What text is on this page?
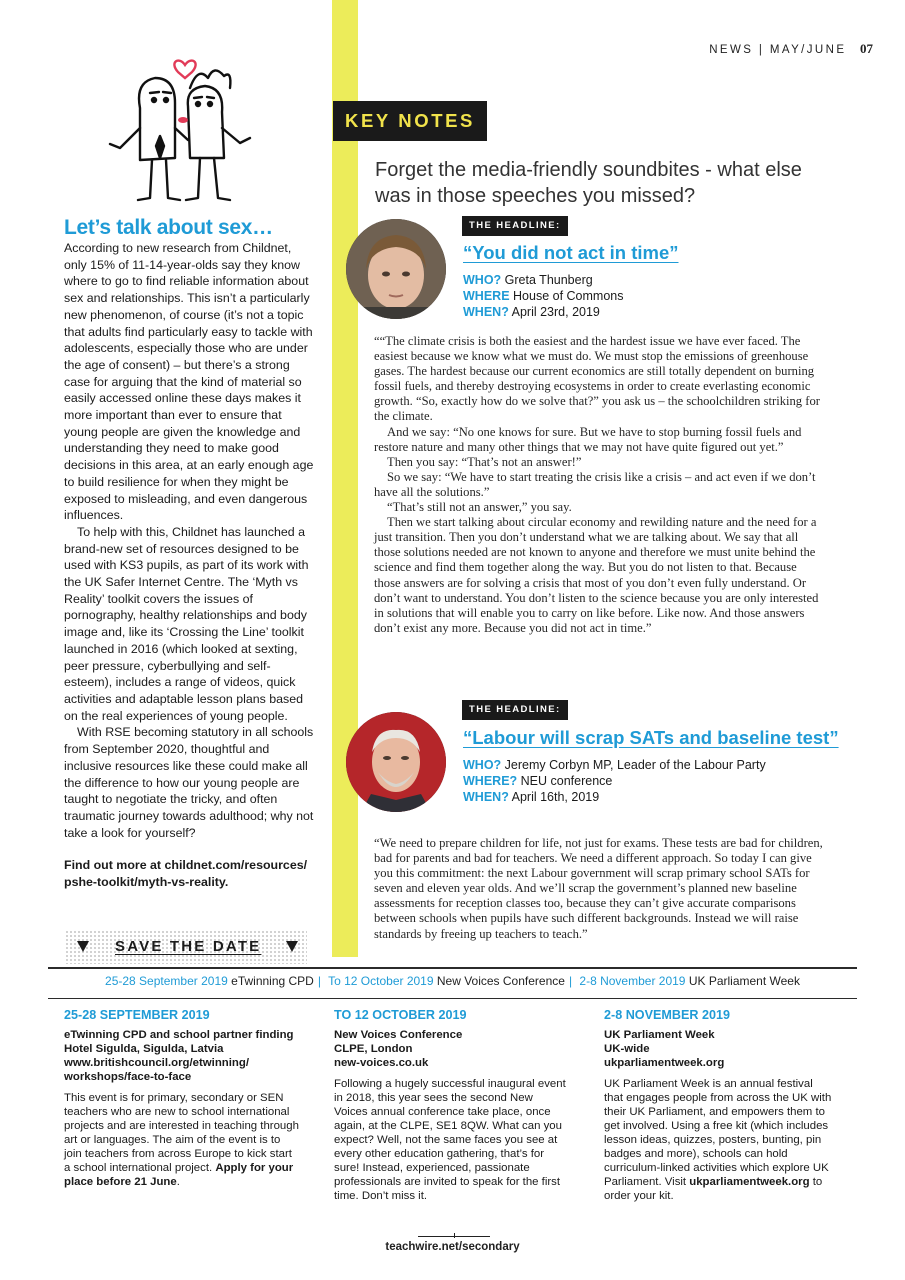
NEWS | MAY/JUNE 07
Let’s talk about sex…

According to new research from Childnet, only 15% of 11-14-year-olds say they know where to go to find reliable information about sex and relationships. This isn’t a particularly new phenomenon, of course (it’s not a topic that adults find particularly easy to tackle with adolescents, especially those who are under the age of consent) – but there’s a strong case for arguing that the kind of material so easily accessed online these days makes it more important than ever to ensure that young people are given the knowledge and understanding they need to make good decisions in this area, at an early enough age to build resilience for when they might be exposed to misleading, and even dangerous influences.

To help with this, Childnet has launched a brand-new set of resources designed to be used with KS3 pupils, as part of its work with the UK Safer Internet Centre. The ‘Myth vs Reality’ toolkit covers the issues of pornography, healthy relationships and body image and, like its ‘Crossing the Line’ toolkit launched in 2016 (which looked at sexting, peer pressure, cyberbullying and self-esteem), includes a range of videos, quick activities and adaptable lesson plans based on the real experiences of young people.

With RSE becoming statutory in all schools from September 2020, thoughtful and inclusive resources like these could make all the difference to how our young people are taught to negotiate the tricky, and often traumatic journey towards adulthood; why not take a look for yourself?

Find out more at childnet.com/resources/ pshe-toolkit/myth-vs-reality.

SAVE THE DATE
KEY NOTES
Forget the media-friendly soundbites - what else was in those speeches you missed?
THE HEADLINE:
“You did not act in time”
WHO? Greta Thunberg
WHERE House of Commons
WHEN? April 23rd, 2019

““The climate crisis is both the easiest and the hardest issue we have ever faced. The easiest because we know what we must do. We must stop the emissions of greenhouse gases. The hardest because our current economics are still totally dependent on burning fossil fuels, and thereby destroying ecosystems in order to create everlasting economic growth. “So, exactly how do we solve that?” you ask us – the schoolchildren striking for the climate.

And we say: “No one knows for sure. But we have to stop burning fossil fuels and restore nature and many other things that we may not have quite figured out yet.”

Then you say: “That’s not an answer!”

So we say: “We have to start treating the crisis like a crisis – and act even if we don’t have all the solutions.”

“That’s still not an answer,” you say.

Then we start talking about circular economy and rewilding nature and the need for a just transition. Then you don’t understand what we are talking about. We say that all those solutions needed are not known to anyone and therefore we must unite behind the science and find them together along the way. But you do not listen to that. Because those answers are for solving a crisis that most of you don’t even fully understand. Or don’t want to understand. You don’t listen to the science because you are only interested in solutions that will enable you to carry on like before. Like now. And those answers don’t exist any more. Because you did not act in time.”

THE HEADLINE:
“Labour will scrap SATs and baseline test”
WHO? Jeremy Corbyn MP, Leader of the Labour Party
WHERE? NEU conference
WHEN? April 16th, 2019

“We need to prepare children for life, not just for exams. These tests are bad for children, bad for parents and bad for teachers. We need a different approach. So today I can give you this commitment: the next Labour government will scrap primary school SATs for seven and eleven year olds. And we’ll scrap the government’s planned new baseline assessments for reception classes too, because they can’t give accurate comparisons between schools when pupils have such different backgrounds. Instead we will raise standards by freeing up teachers to teach.”

25-28 September 2019 eTwinning CPD | To 12 October 2019 New Voices Conference | 2-8 November 2019 UK Parliament Week
25-28 SEPTEMBER 2019
eTwinning CPD and school partner finding
Hotel Sigulda, Sigulda, Latvia
www.britishcouncil.org/etwinning/
workshops/face-to-face
This event is for primary, secondary or SEN teachers who are new to school international projects and are interested in teaching through art or languages. The aim of the event is to join teachers from across Europe to kick start a school international project. Apply for your place before 21 June.
TO 12 OCTOBER 2019
New Voices Conference
CLPE, London
new-voices.co.uk
Following a hugely successful inaugural event in 2018, this year sees the second New Voices annual conference take place, once again, at the CLPE, SE1 8QW. What can you expect? Well, not the same faces you see at every other education gathering, that’s for sure! Instead, experienced, passionate professionals are invited to speak for the first time. Don’t miss it.
2-8 NOVEMBER 2019
UK Parliament Week
UK-wide
ukparliamentweek.org
UK Parliament Week is an annual festival that engages people from across the UK with their UK Parliament, and empowers them to get involved. Using a free kit (which includes lesson ideas, quizzes, posters, bunting, pin badges and more), schools can hold curriculum-linked activities which explore UK Parliament. Visit ukparliamentweek.org to order your kit.
teachwire.net/secondary
